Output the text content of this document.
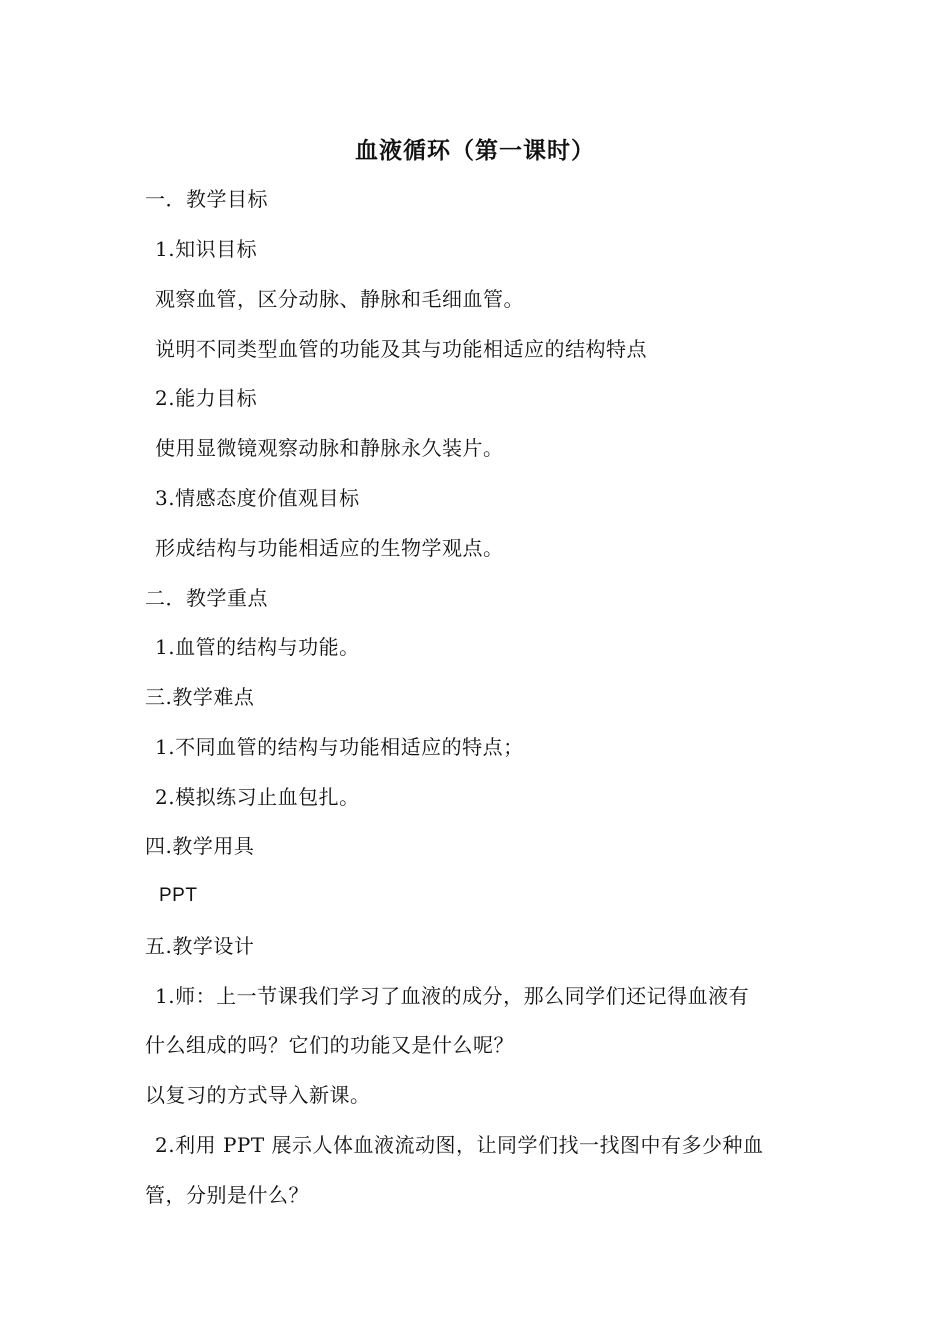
血液循环（第一课时）
一．教学目标
1.知识目标
观察血管，区分动脉、静脉和毛细血管。
说明不同类型血管的功能及其与功能相适应的结构特点
2.能力目标
使用显微镜观察动脉和静脉永久装片。
3.情感态度价值观目标
形成结构与功能相适应的生物学观点。
二．教学重点
1.血管的结构与功能。
三.教学难点
1.不同血管的结构与功能相适应的特点；
2.模拟练习止血包扎。
四.教学用具
PPT
五.教学设计
1.师：上一节课我们学习了血液的成分，那么同学们还记得血液有
什么组成的吗？它们的功能又是什么呢？
以复习的方式导入新课。
2.利用 PPT 展示人体血液流动图，让同学们找一找图中有多少种血
管，分别是什么？
